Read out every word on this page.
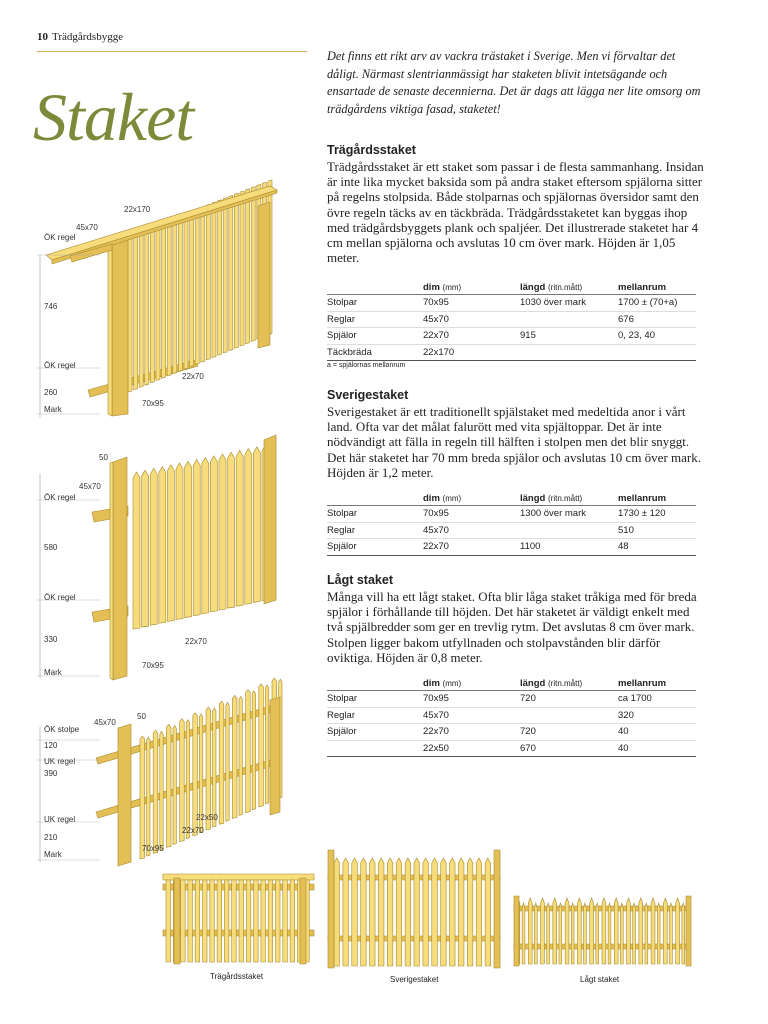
10 Trädgårdsbygge
Staket
Det finns ett rikt arv av vackra trästaket i Sverige. Men vi förvaltar det dåligt. Närmast slentrianmässigt har staketen blivit intetsägande och ensartade de senaste decennierna. Det är dags att lägga ner lite omsorg om trädgårdens viktiga fasad, staketet!
Trägårdsstaket

Trädgårdsstaket är ett staket som passar i de flesta sammanhang. Insidan är inte lika mycket baksida som på andra staket eftersom spjälorna sitter på regelns stolpsida. Både stolparnas och spjälornas översidor samt den övre regeln täcks av en täckbräda. Trädgårdsstaketet kan byggas ihop med trädgårdsbyggets plank och spaljéer. Det illustrerade staketet har 4 cm mellan spjälorna och avslutas 10 cm över mark. Höjden är 1,05 meter.

	dim (mm)	längd (ritn.mått)	mellanrum
Stolpar	70x95	1030 över mark	1700 ± (70+a)
Reglar	45x70		676
Spjälor	22x70	915	0, 23, 40
Täckbräda	22x170		
a = spjälornas mellanrum
Sverigestaket

Sverigestaket är ett traditionellt spjälstaket med medeltida anor i vårt land. Ofta var det målat falurött med vita spjältoppar. Det är inte nödvändigt att fälla in regeln till hälften i stolpen men det blir snyggt. Det här staketet har 70 mm breda spjälor och avslutas 10 cm över mark. Höjden är 1,2 meter.

	dim (mm)	längd (ritn.mått)	mellanrum
Stolpar	70x95	1300 över mark	1730 ± 120
Reglar	45x70		510
Spjälor	22x70	1100	48
Lågt staket

Många vill ha ett lågt staket. Ofta blir låga staket tråkiga med för breda spjälor i förhållande till höjden. Det här staketet är väldigt enkelt med två spjälbredder som ger en trevlig rytm. Det avslutas 8 cm över mark. Stolpen ligger bakom utfyllnaden och stolpavstånden blir därför oviktiga. Höjden är 0,8 meter.

	dim (mm)	längd (ritn.mått)	mellanrum
Stolpar	70x95	720	ca 1700
Reglar	45x70		320
Spjälor	22x70	720	40
	22x50	670	40
22x170
45x70
ÖK regel
746
ÖK regel
260
Mark
22x70
70x95
50
45x70
ÖK regel
580
ÖK regel
330
Mark
22x70
70x95
45x70
50
ÖK stolpe
120
UK regel
390
UK regel
210
Mark
22x50
22x70
70x95
Trägårdsstaket	Sverigestaket	Lågt staket
